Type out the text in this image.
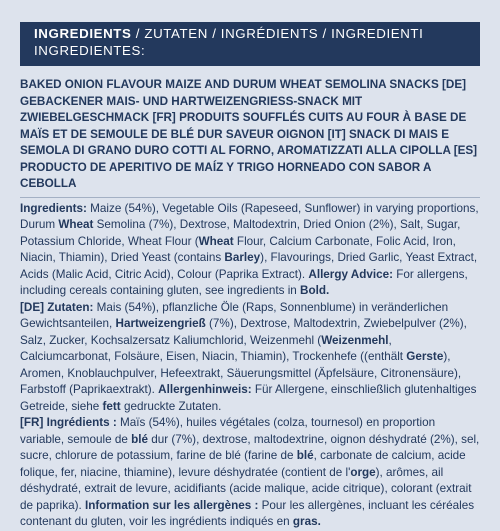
INGREDIENTS / ZUTATEN / INGRÉDIENTS / INGREDIENTI INGREDIENTES:
BAKED ONION FLAVOUR MAIZE AND DURUM WHEAT SEMOLINA SNACKS [DE] GEBACKENER MAIS- UND HARTWEIZENGRIESS-SNACK MIT ZWIEBELGESCHMACK [FR] PRODUITS SOUFFLÉS CUITS AU FOUR À BASE DE MAÏS ET DE SEMOULE DE BLÉ DUR SAVEUR OIGNON [IT] SNACK DI MAIS E SEMOLA DI GRANO DURO COTTI AL FORNO, AROMATIZZATI ALLA CIPOLLA [ES] PRODUCTO DE APERITIVO DE MAÍZ Y TRIGO HORNEADO CON SABOR A CEBOLLA

Ingredients: Maize (54%), Vegetable Oils (Rapeseed, Sunflower) in varying proportions, Durum Wheat Semolina (7%), Dextrose, Maltodextrin, Dried Onion (2%), Salt, Sugar, Potassium Chloride, Wheat Flour (Wheat Flour, Calcium Carbonate, Folic Acid, Iron, Niacin, Thiamin), Dried Yeast (contains Barley), Flavourings, Dried Garlic, Yeast Extract, Acids (Malic Acid, Citric Acid), Colour (Paprika Extract). Allergy Advice: For allergens, including cereals containing gluten, see ingredients in Bold.

[DE] Zutaten: Mais (54%), pflanzliche Öle (Raps, Sonnenblume) in veränderlichen Gewichtsanteilen, Hartweizengrieß (7%), Dextrose, Maltodextrin, Zwiebelpulver (2%), Salz, Zucker, Kochsalzersatz Kaliumchlorid, Weizenmehl (Weizenmehl, Calciumcarbonat, Folsäure, Eisen, Niacin, Thiamin), Trockenhefe ((enthält Gerste), Aromen, Knoblauchpulver, Hefeextrakt, Säuerungsmittel (Äpfelsäure, Citronensäure), Farbstoff (Paprikaextrakt). Allergenhinweis: Für Allergene, einschließlich glutenhaltiges Getreide, siehe fett gedruckte Zutaten.

[FR] Ingrédients : Maïs (54%), huiles végétales (colza, tournesol) en proportion variable, semoule de blé dur (7%), dextrose, maltodextrine, oignon déshydraté (2%), sel, sucre, chlorure de potassium, farine de blé (farine de blé, carbonate de calcium, acide folique, fer, niacine, thiamine), levure déshydratée (contient de l'orge), arômes, ail déshydraté, extrait de levure, acidifiants (acide malique, acide citrique), colorant (extrait de paprika). Information sur les allergènes : Pour les allergènes, incluant les céréales contenant du gluten, voir les ingrédients indiqués en gras.
